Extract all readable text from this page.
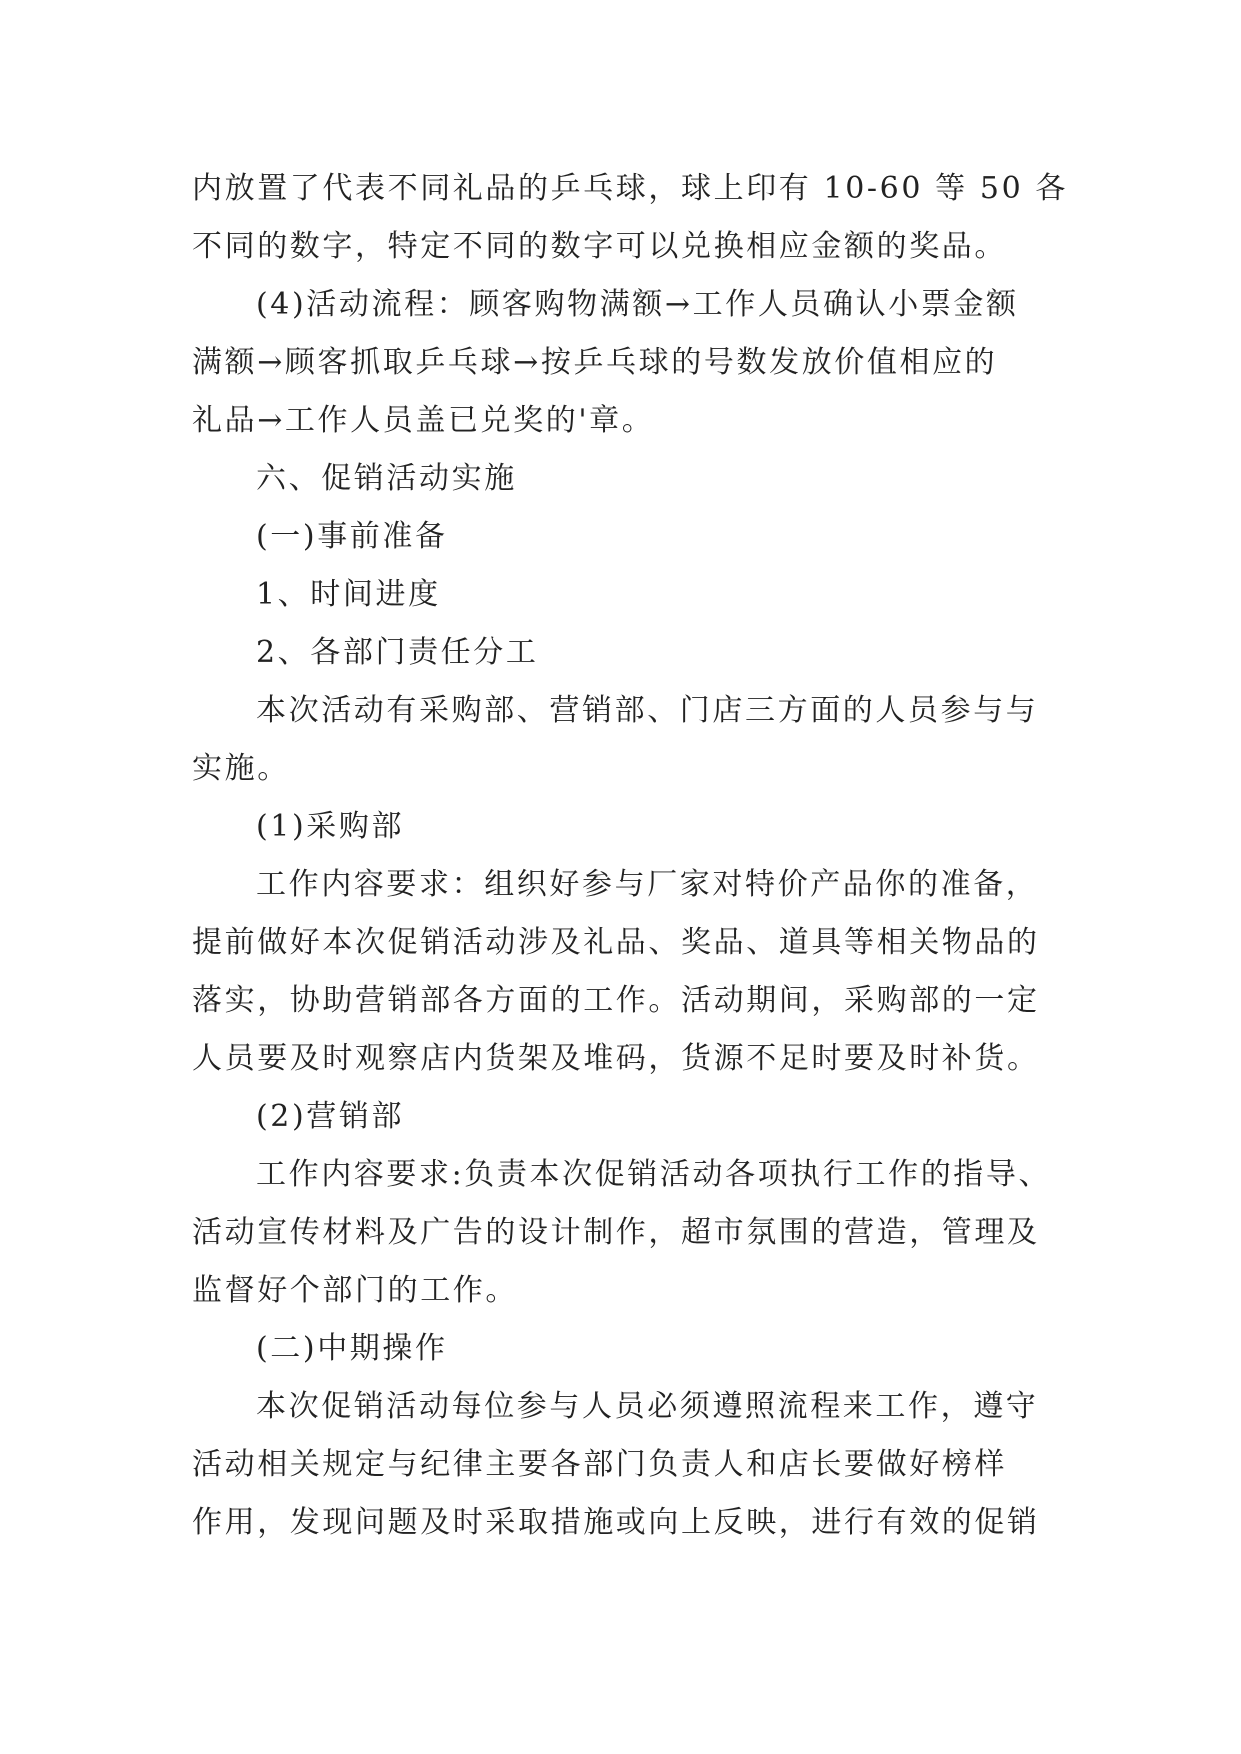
内放置了代表不同礼品的乒乓球，球上印有 10-60 等 50 各
不同的数字，特定不同的数字可以兑换相应金额的奖品。
(4)活动流程：顾客购物满额→工作人员确认小票金额
满额→顾客抓取乒乓球→按乒乓球的号数发放价值相应的
礼品→工作人员盖已兑奖的'章。
六、促销活动实施
(一)事前准备
1、时间进度
2、各部门责任分工
本次活动有采购部、营销部、门店三方面的人员参与与
实施。
(1)采购部
工作内容要求：组织好参与厂家对特价产品你的准备，
提前做好本次促销活动涉及礼品、奖品、道具等相关物品的
落实，协助营销部各方面的工作。活动期间，采购部的一定
人员要及时观察店内货架及堆码，货源不足时要及时补货。
(2)营销部
工作内容要求:负责本次促销活动各项执行工作的指导、
活动宣传材料及广告的设计制作，超市氛围的营造，管理及
监督好个部门的工作。
(二)中期操作
本次促销活动每位参与人员必须遵照流程来工作，遵守
活动相关规定与纪律主要各部门负责人和店长要做好榜样
作用，发现问题及时采取措施或向上反映，进行有效的促销
